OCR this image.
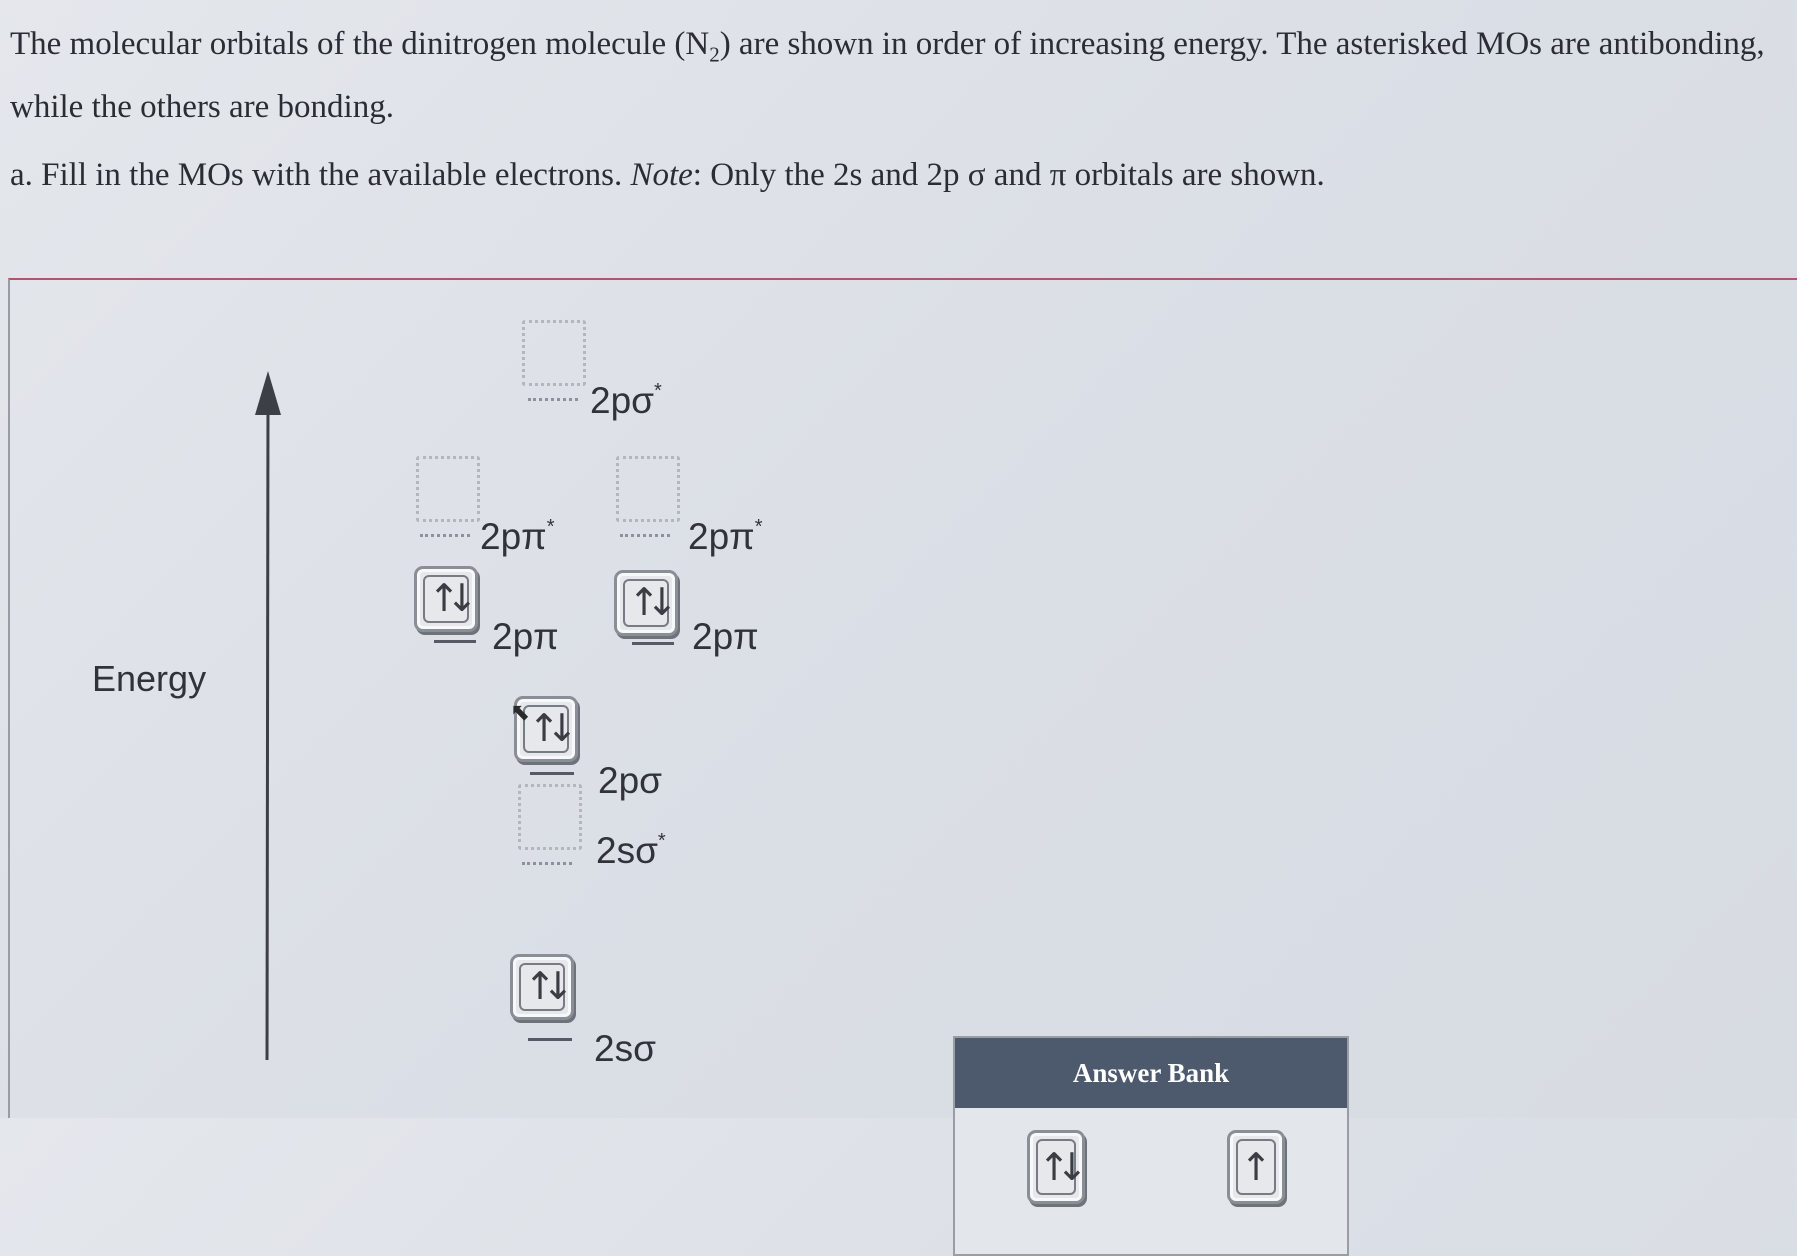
The molecular orbitals of the dinitrogen molecule $(N_2)$ are shown in order of increasing energy. The asterisked MOs are antibonding, while the others are bonding.

a. Fill in the MOs with the available electrons. Note: Only the 2s and 2p σ and π orbitals are shown.

Energy
2pσ*
2pπ*	2pπ*
↑↓
2pπ
↑↓
2pπ
↑↓
2pσ
⬉
2sσ*
↑↓
2sσ
Answer Bank
↑↓	↑
